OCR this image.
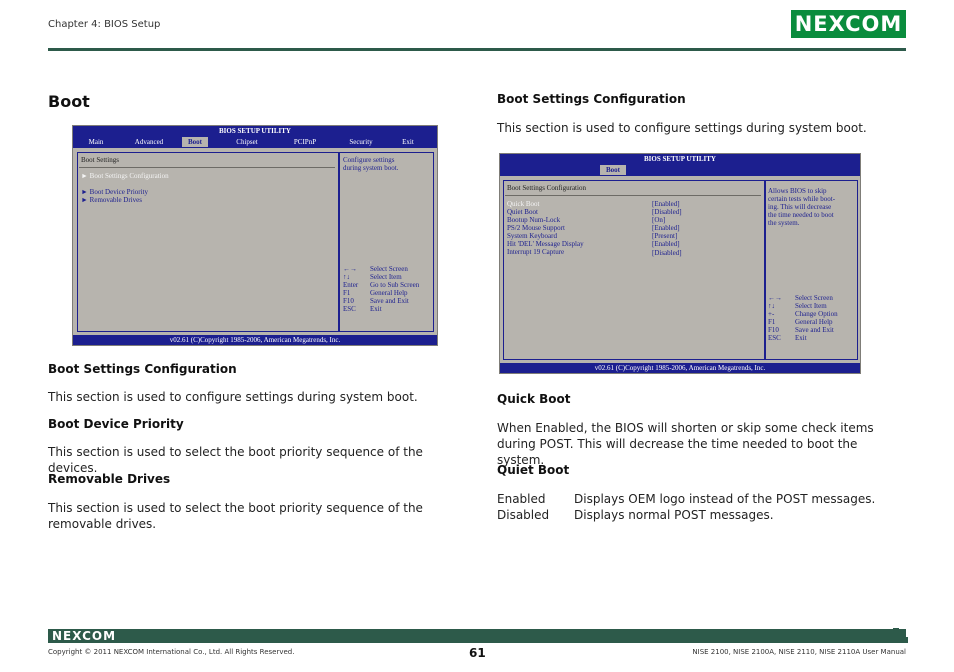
Chapter 4: BIOS Setup	NEXCOM
Boot
BIOS SETUP UTILITY
Main	Advanced	Boot	Chipset	PCIPnP	Security	Exit
Boot Settings
► Boot Settings Configuration
► Boot Device Priority
► Removable Drives
Configure settings
during system boot.
←→ Select Screen
↑↓	Select Item
Enter Go to Sub Screen
F1	General Help
F10 Save and Exit
ESC Exit
v02.61 (C)Copyright 1985-2006, American Megatrends, Inc.
Boot Settings Configuration
This section is used to configure settings during system boot.
Boot Device Priority
This section is used to select the boot priority sequence of the devices.
Removable Drives
This section is used to select the boot priority sequence of the removable drives.
Boot Settings Configuration
This section is used to configure settings during system boot.
BIOS SETUP UTILITY
Boot
Boot Settings Configuration
Quick Boot	[Enabled]
Quiet Boot	[Disabled]
Bootup Num-Lock	[On]
PS/2 Mouse Support	[Enabled]
System Keyboard	[Present]
Hit 'DEL' Message Display	[Enabled]
Interrupt 19 Capture	[Disabled]
Allows BIOS to skip
certain tests while boot-
ing. This will decrease
the time needed to boot
the system.
←→ Select Screen
↑↓	Select Item
+-	Change Option
F1	General Help
F10 Save and Exit
ESC Exit
v02.61 (C)Copyright 1985-2006, American Megatrends, Inc.
Quick Boot
When Enabled, the BIOS will shorten or skip some check items during POST. This will decrease the time needed to boot the system.
Quiet Boot
Enabled Displays OEM logo instead of the POST messages.
Disabled Displays normal POST messages.
NEXCOM
Copyright © 2011 NEXCOM International Co., Ltd. All Rights Reserved.	61	NISE 2100, NISE 2100A, NISE 2110, NISE 2110A User Manual
